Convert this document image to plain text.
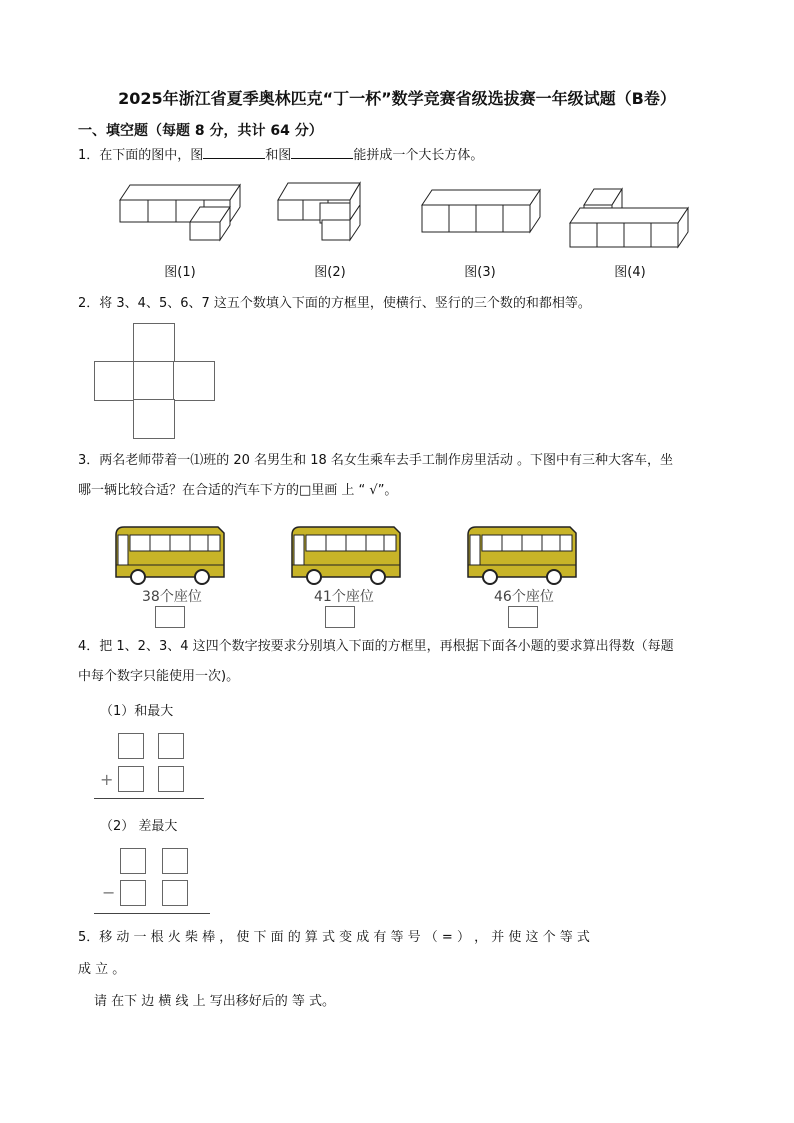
2025年浙江省夏季奥林匹克“丁一杯”数学竞赛省级选拔赛一年级试题（B卷）
一、填空题（每题 8 分，共计 64 分）
1．在下面的图中，图	和图	能拼成一个大长方体。
图(1)	图(2)	图(3)	图(4)
2．将 3、4、5、6、7 这五个数填入下面的方框里，使横行、竖行的三个数的和都相等。
3．两名老师带着一⑴班的 20 名男生和 18 名女生乘车去手工制作房里活动 。下图中有三种大客车，坐
哪一辆比较合适？在合适的汽车下方的□里画 上 “ √”。
38个座位	41个座位	46个座位
4．把 1、2、3、4 这四个数字按要求分别填入下面的方框里，再根据下面各小题的要求算出得数（每题
中每个数字只能使用一次)。
（1）和最大
+
（2） 差最大
−
5．移 动 一 根 火 柴 棒 ， 使 下 面 的 算 式 变 成 有 等 号 （ = ） ， 并 使 这 个 等 式
成 立 。
请 在下 边 横 线 上 写出移好后的 等 式。
